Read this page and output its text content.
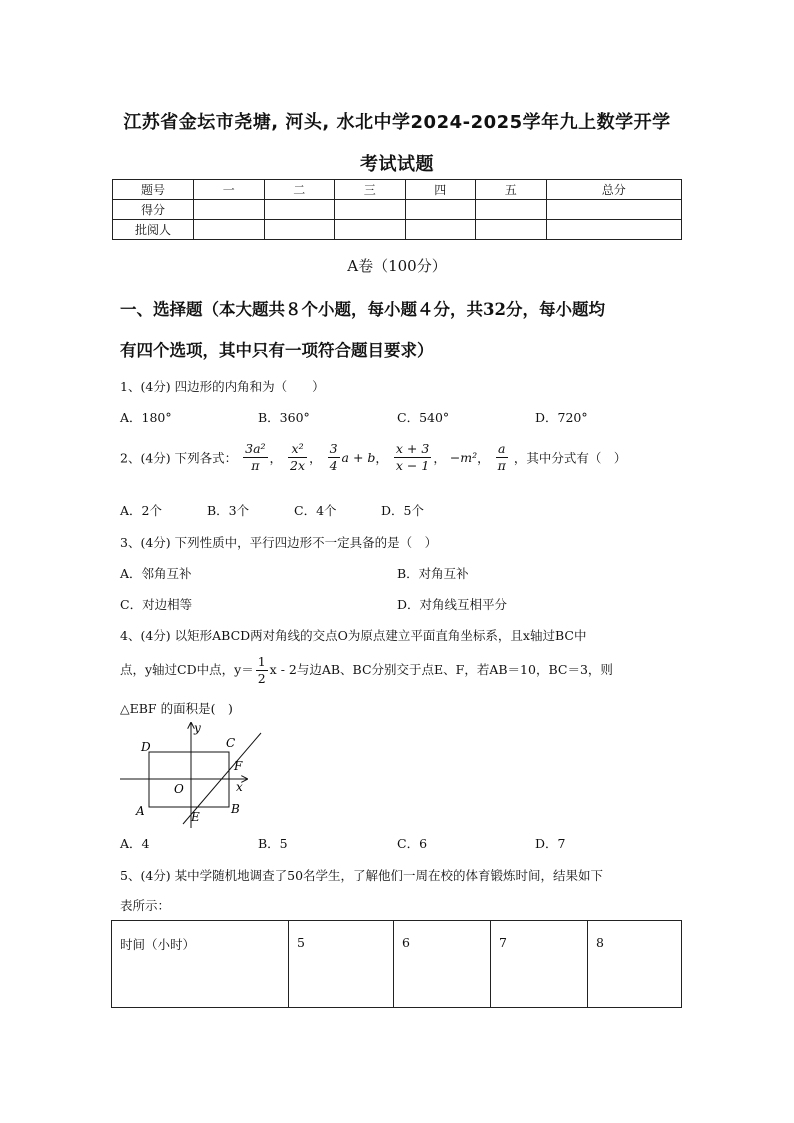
江苏省金坛市尧塘, 河头, 水北中学2024-2025学年九上数学开学
考试试题
题号	一	二	三	四	五	总分
得分						
批阅人						
A卷（100分）
一、选择题（本大题共８个小题，每小题４分，共32分，每小题均
有四个选项，其中只有一项符合题目要求）
1、(4分) 四边形的内角和为（　　）
A．180°	B．360°	C．540°	D．720°
2、(4分) 下列各式： $\frac{\text{3a²}}{\pi}$ ， $\frac{\text{x²}}{2x}$ ， $\frac{3}{4}$ a + b， $\frac{x + 3}{x - 1}$ ， −m²， $\frac{a}{\pi}$ ，其中分式有（　）
A．2个	B．3个	C．4个	D．5个
3、(4分) 下列性质中，平行四边形不一定具备的是（　）
A．邻角互补	B．对角互补
C．对边相等	D．对角线互相平分
4、(4分) 以矩形ABCD两对角线的交点O为原点建立平面直角坐标系，且x轴过BC中
点，y轴过CD中点，$y= \frac{1}{2}$ x - 2与边AB、BC分别交于点E、F，若AB＝10，BC＝3，则
△EBF 的面积是(　)
D	C
y
F
x
O
A	B
E
A．4	B．5	C．6	D．7
5、(4分) 某中学随机地调查了50名学生，了解他们一周在校的体育锻炼时间，结果如下
表所示：
时间（小时）	5	6	7	8
